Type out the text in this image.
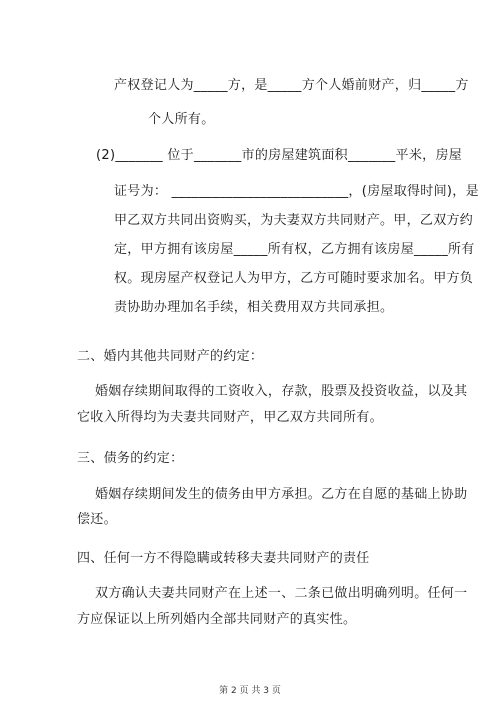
产权登记人为_____方，是_____方个人婚前财产，归_____方
个人所有。
(2)_______ 位于_______市的房屋建筑面积_______平米，房屋
证号为： __________________________，(房屋取得时间)，是
甲乙双方共同出资购买，为夫妻双方共同财产。甲，乙双方约
定，甲方拥有该房屋_____所有权，乙方拥有该房屋_____所有
权。现房屋产权登记人为甲方，乙方可随时要求加名。甲方负
责协助办理加名手续，相关费用双方共同承担。
二、婚内其他共同财产的约定：
婚姻存续期间取得的工资收入，存款，股票及投资收益，以及其
它收入所得均为夫妻共同财产，甲乙双方共同所有。
三、债务的约定：
婚姻存续期间发生的债务由甲方承担。乙方在自愿的基础上协助
偿还。
四、任何一方不得隐瞒或转移夫妻共同财产的责任
双方确认夫妻共同财产在上述一、二条已做出明确列明。任何一
方应保证以上所列婚内全部共同财产的真实性。
第 2 页 共 3 页
